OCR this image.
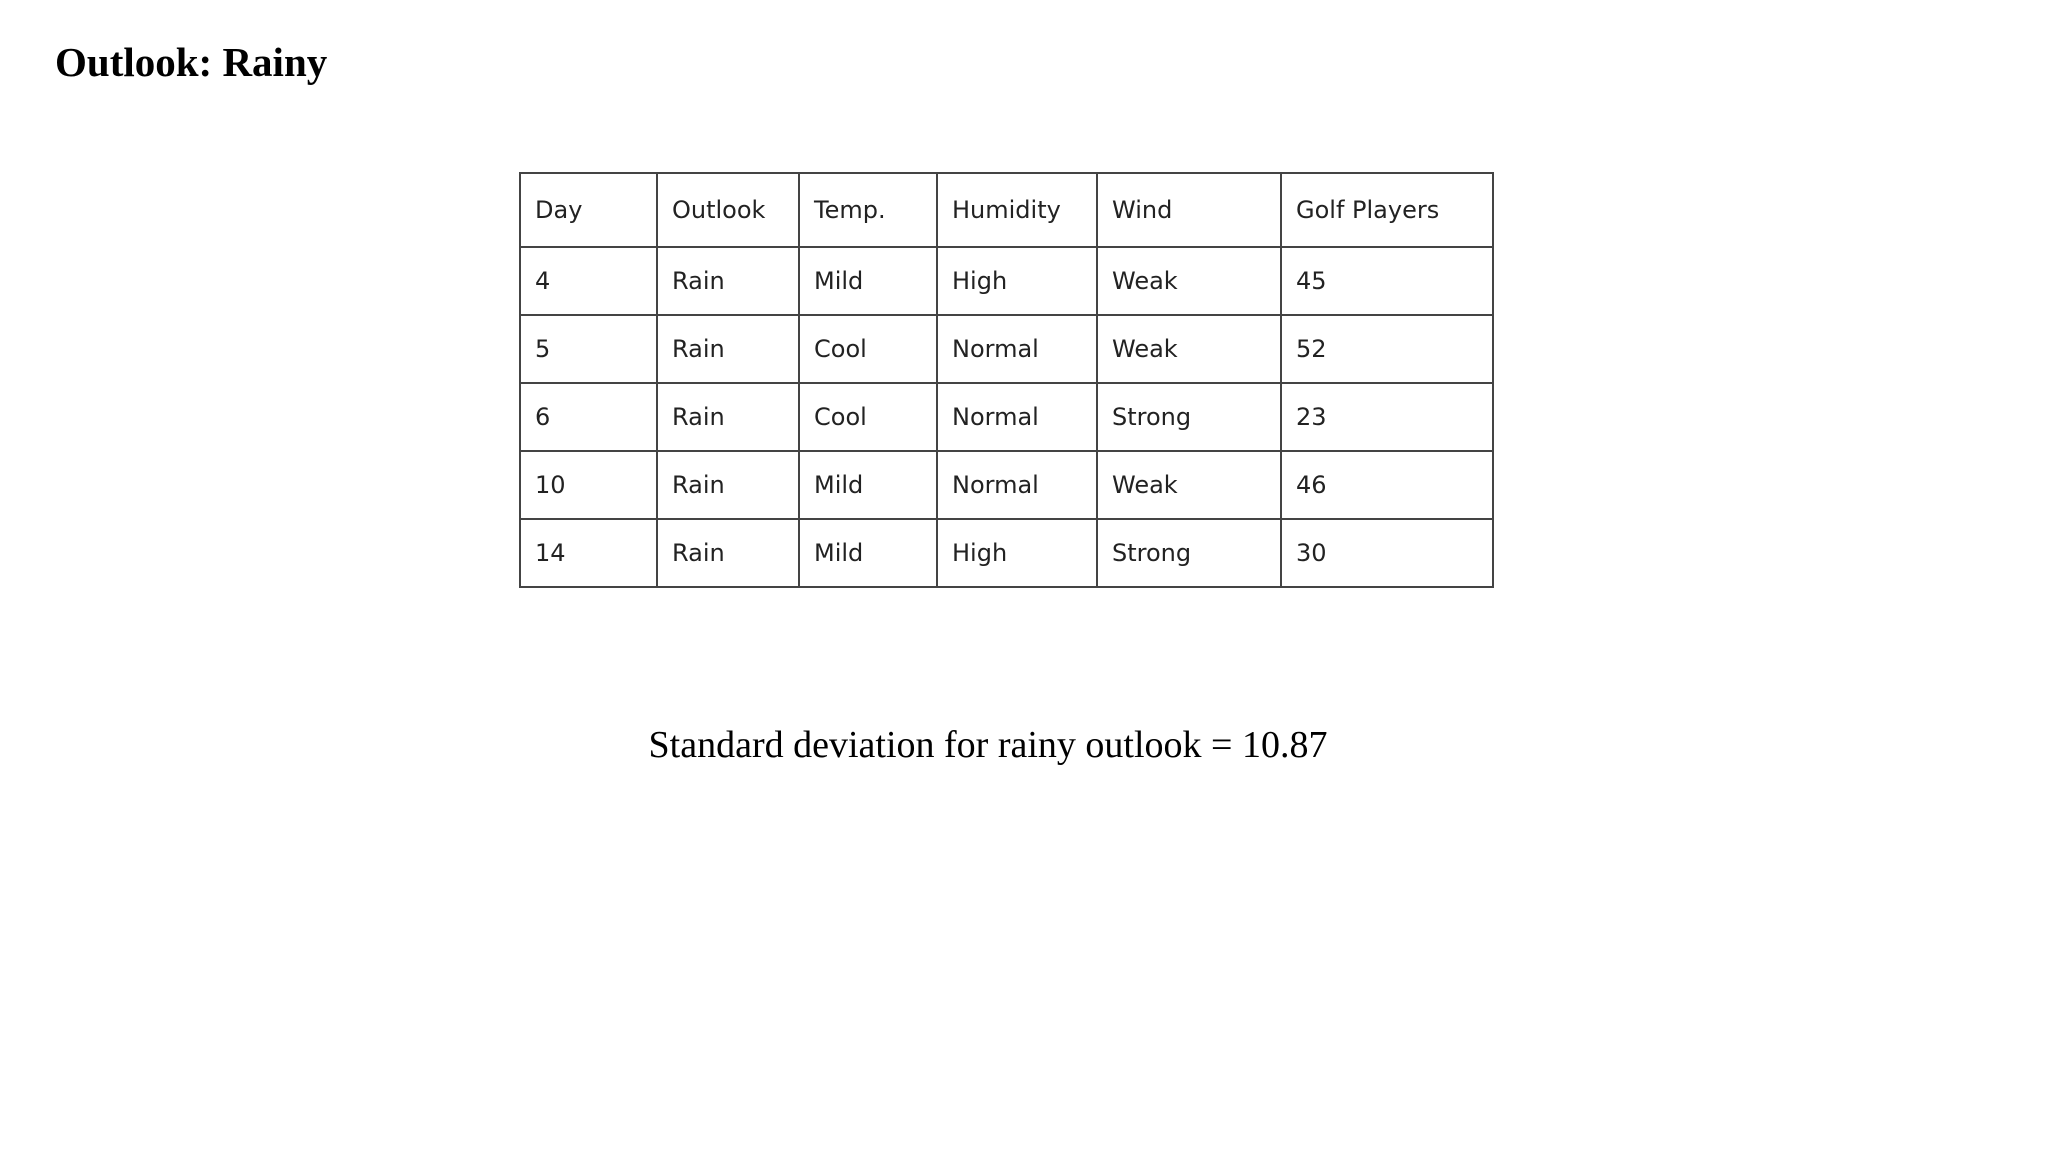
Outlook: Rainy
Day	Outlook	Temp.	Humidity	Wind	Golf Players
4	Rain	Mild	High	Weak	45
5	Rain	Cool	Normal	Weak	52
6	Rain	Cool	Normal	Strong	23
10	Rain	Mild	Normal	Weak	46
14	Rain	Mild	High	Strong	30

Standard deviation for rainy outlook = 10.87
